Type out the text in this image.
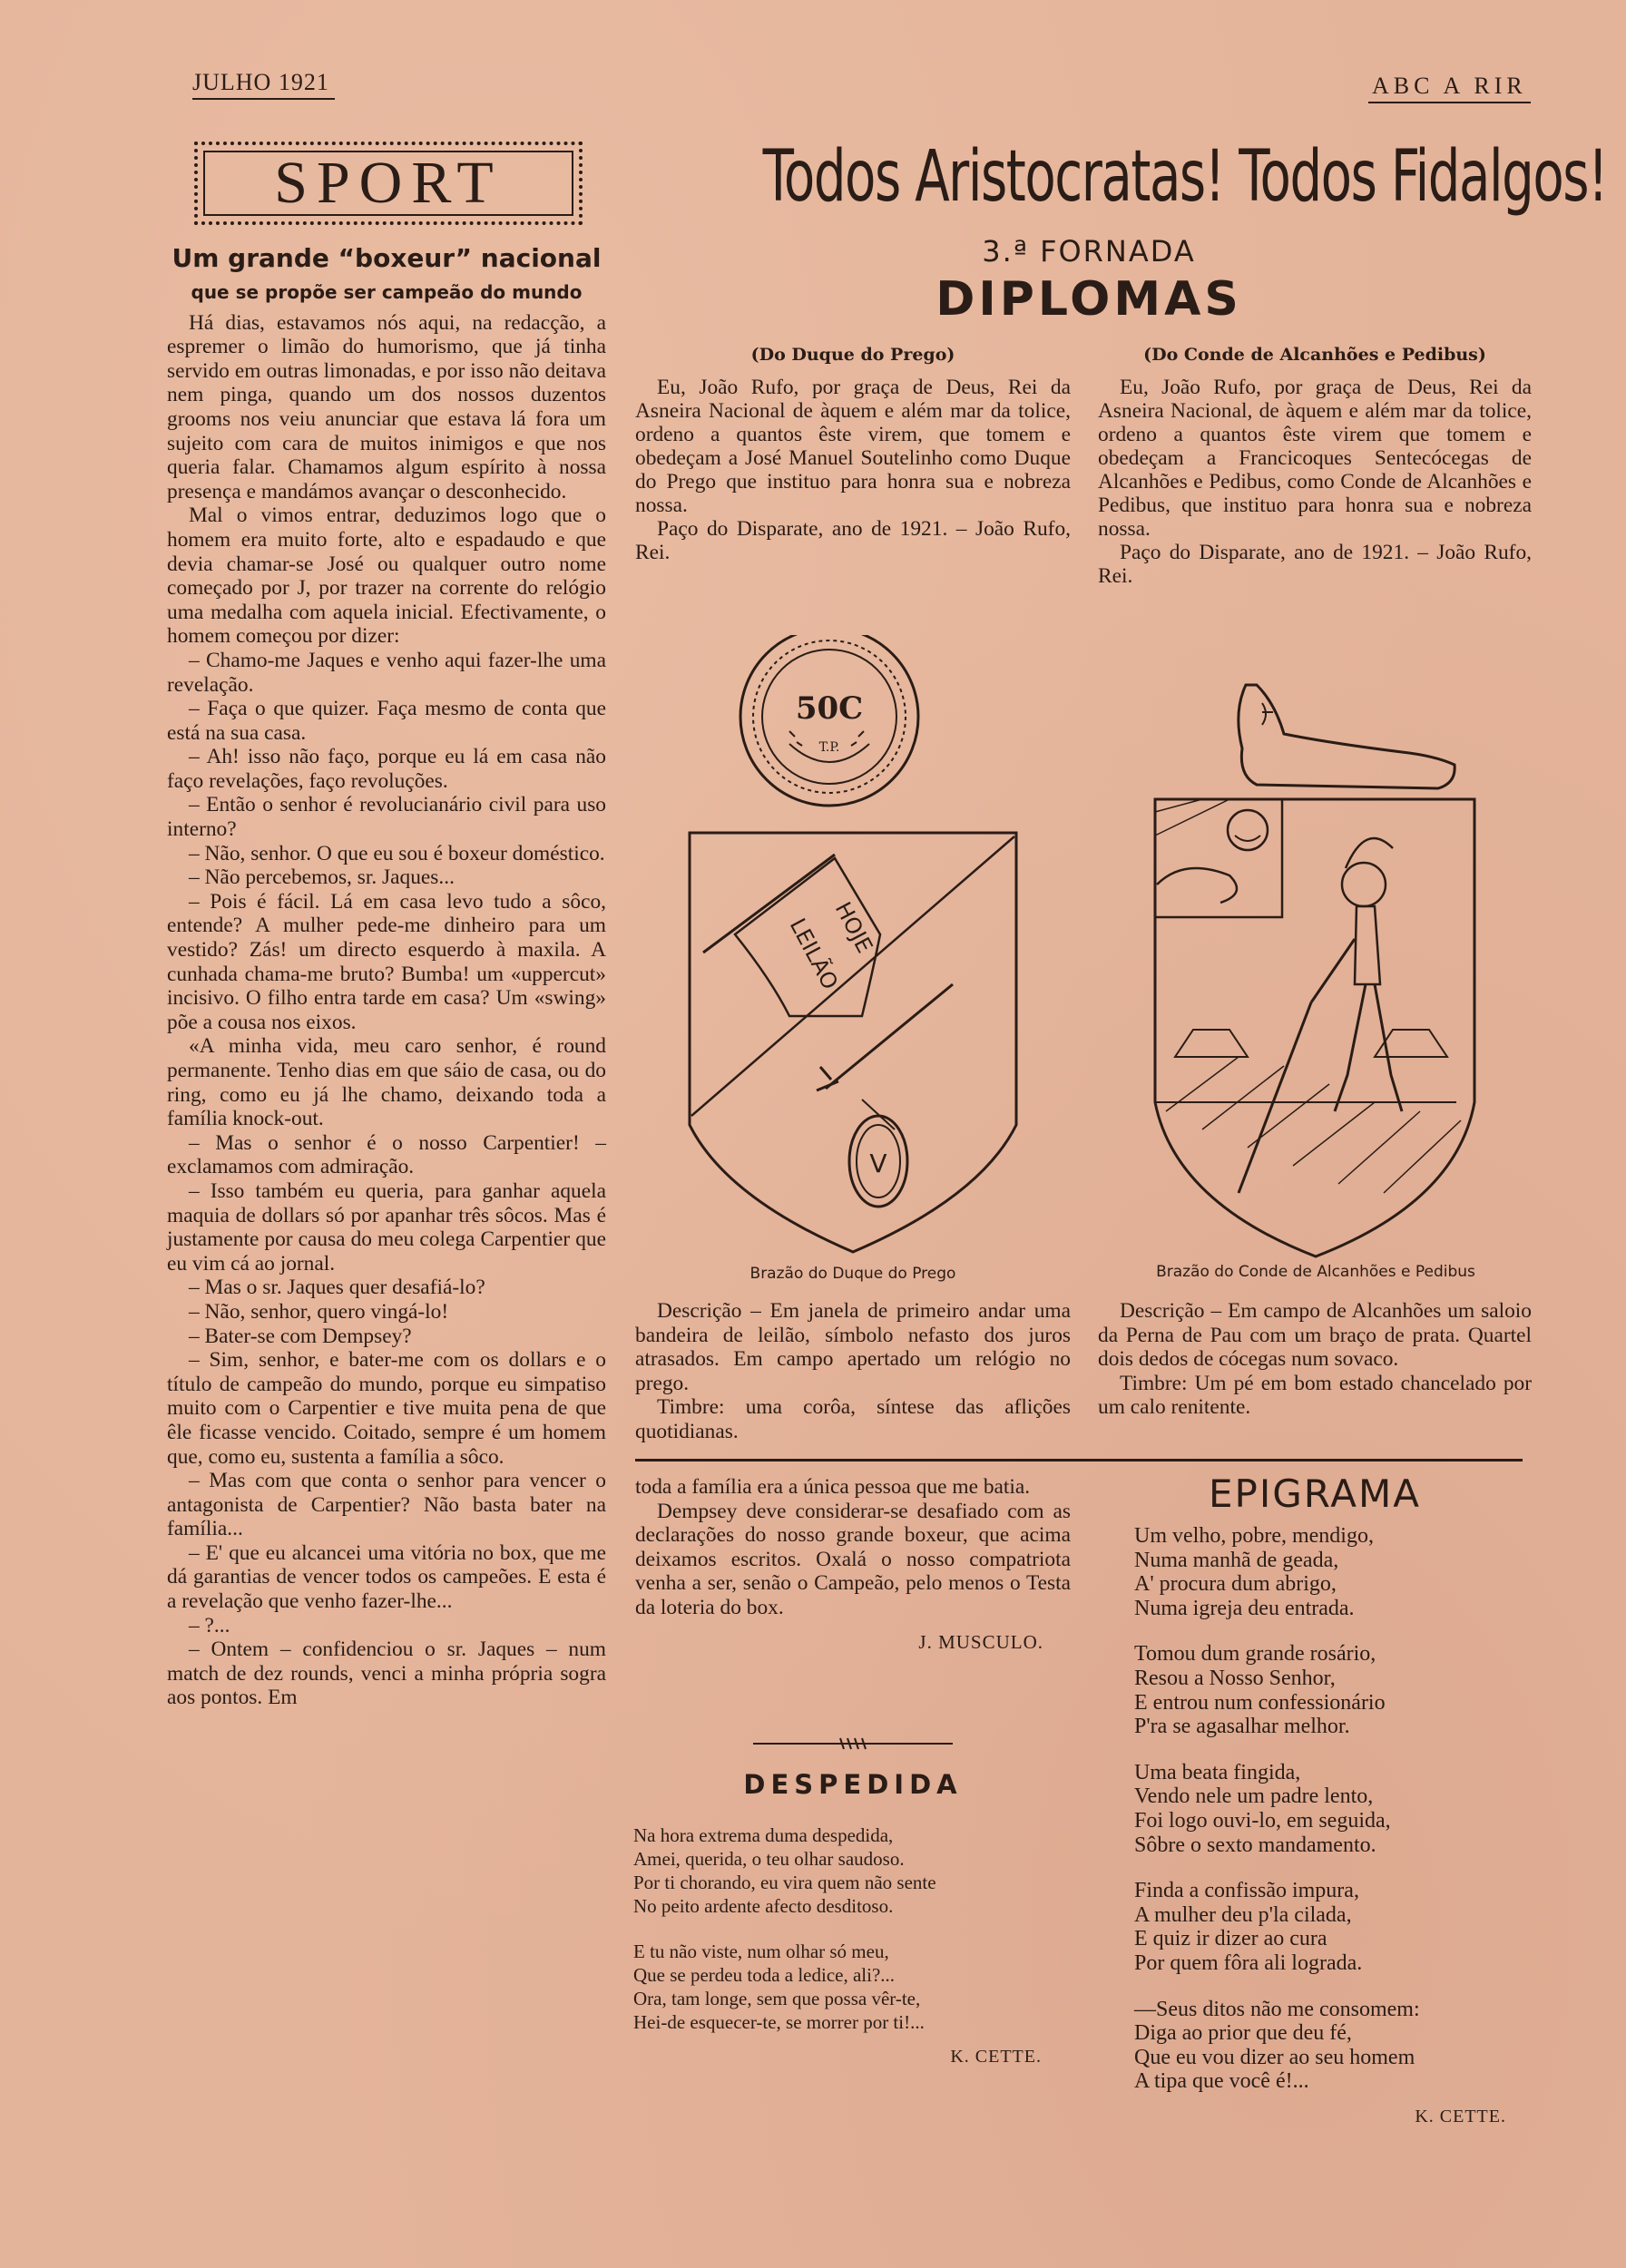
JULHO 1921	ABC A RIR
SPORT

Um grande “boxeur” nacional

que se propõe ser campeão do mundo

Há dias, estavamos nós aqui, na redacção, a espremer o limão do humorismo, que já tinha servido em outras limonadas, e por isso não deitava nem pinga, quando um dos nossos duzentos grooms nos veiu anunciar que estava lá fora um sujeito com cara de muitos inimigos e que nos queria falar. Chamamos algum espírito à nossa presença e mandámos avançar o desconhecido.

Mal o vimos entrar, deduzimos logo que o homem era muito forte, alto e espadaudo e que devia chamar-se José ou qualquer outro nome começado por J, por trazer na corrente do relógio uma medalha com aquela inicial. Efectivamente, o homem começou por dizer:

– Chamo-me Jaques e venho aqui fazer-lhe uma revelação.

– Faça o que quizer. Faça mesmo de conta que está na sua casa.

– Ah! isso não faço, porque eu lá em casa não faço revelações, faço revoluções.

– Então o senhor é revolucianário civil para uso interno?

– Não, senhor. O que eu sou é boxeur doméstico.

– Não percebemos, sr. Jaques...

– Pois é fácil. Lá em casa levo tudo a sôco, entende? A mulher pede-me dinheiro para um vestido? Zás! um directo esquerdo à maxila. A cunhada chama-me bruto? Bumba! um «uppercut» incisivo. O filho entra tarde em casa? Um «swing» põe a cousa nos eixos.

«A minha vida, meu caro senhor, é round permanente. Tenho dias em que sáio de casa, ou do ring, como eu já lhe chamo, deixando toda a família knock-out.

– Mas o senhor é o nosso Carpentier! – exclamamos com admiração.

– Isso também eu queria, para ganhar aquela maquia de dollars só por apanhar três sôcos. Mas é justamente por causa do meu colega Carpentier que eu vim cá ao jornal.

– Mas o sr. Jaques quer desafiá-lo?

– Não, senhor, quero vingá-lo!

– Bater-se com Dempsey?

– Sim, senhor, e bater-me com os dollars e o título de campeão do mundo, porque eu simpatiso muito com o Carpentier e tive muita pena de que êle ficasse vencido. Coitado, sempre é um homem que, como eu, sustenta a família a sôco.

– Mas com que conta o senhor para vencer o antagonista de Carpentier? Não basta bater na família...

– E' que eu alcancei uma vitória no box, que me dá garantias de vencer todos os campeões. E esta é a revelação que venho fazer-lhe...

– ?...

– Ontem – confidenciou o sr. Jaques – num match de dez rounds, venci a minha própria sogra aos pontos. Em

Todos Aristocratas! Todos Fidalgos!
3.ª FORNADA
DIPLOMAS
(Do Duque do Prego)

Eu, João Rufo, por graça de Deus, Rei da Asneira Nacional de àquem e além mar da tolice, ordeno a quantos êste virem, que tomem e obedeçam a José Manuel Soutelinho como Duque do Prego que instituo para honra sua e nobreza nossa.

Paço do Disparate, ano de 1921. – João Rufo, Rei.

(Do Conde de Alcanhões e Pedibus)

Eu, João Rufo, por graça de Deus, Rei da Asneira Nacional, de àquem e além mar da tolice, ordeno a quantos êste virem que tomem e obedeçam a Francicoques Sentecócegas de Alcanhões e Pedibus, como Conde de Alcanhões e Pedibus, que instituo para honra sua e nobreza nossa.

Paço do Disparate, ano de 1921. – João Rufo, Rei.

50C
T.P.
HOJE
LEILÃO
V
Brazão do Duque do Prego	Brazão do Conde de Alcanhões e Pedibus

Descrição – Em janela de primeiro andar uma bandeira de leilão, símbolo nefasto dos juros atrasados. Em campo apertado um relógio no prego.

Timbre: uma corôa, síntese das aflições quotidianas.

Descrição – Em campo de Alcanhões um saloio da Perna de Pau com um braço de prata. Quartel dois dedos de cócegas num sovaco.

Timbre: Um pé em bom estado chancelado por um calo renitente.

toda a família era a única pessoa que me batia.

Dempsey deve considerar-se desafiado com as declarações do nosso grande boxeur, que acima deixamos escritos. Oxalá o nosso compatriota venha a ser, senão o Campeão, pelo menos o Testa da loteria do box.

J. MUSCULO.

DESPEDIDA

Na hora extrema duma despedida,

Amei, querida, o teu olhar saudoso.

Por ti chorando, eu vira quem não sente

No peito ardente afecto desditoso.

E tu não viste, num olhar só meu,

Que se perdeu toda a ledice, ali?...

Ora, tam longe, sem que possa vêr-te,

Hei-de esquecer-te, se morrer por ti!...

K. CETTE.

EPIGRAMA

Um velho, pobre, mendigo,

Numa manhã de geada,

A' procura dum abrigo,

Numa igreja deu entrada.

Tomou dum grande rosário,

Resou a Nosso Senhor,

E entrou num confessionário

P'ra se agasalhar melhor.

Uma beata fingida,

Vendo nele um padre lento,

Foi logo ouvi-lo, em seguida,

Sôbre o sexto mandamento.

Finda a confissão impura,

A mulher deu p'la cilada,

E quiz ir dizer ao cura

Por quem fôra ali lograda.

—Seus ditos não me consomem:

Diga ao prior que deu fé,

Que eu vou dizer ao seu homem

A tipa que você é!...

K. CETTE.
